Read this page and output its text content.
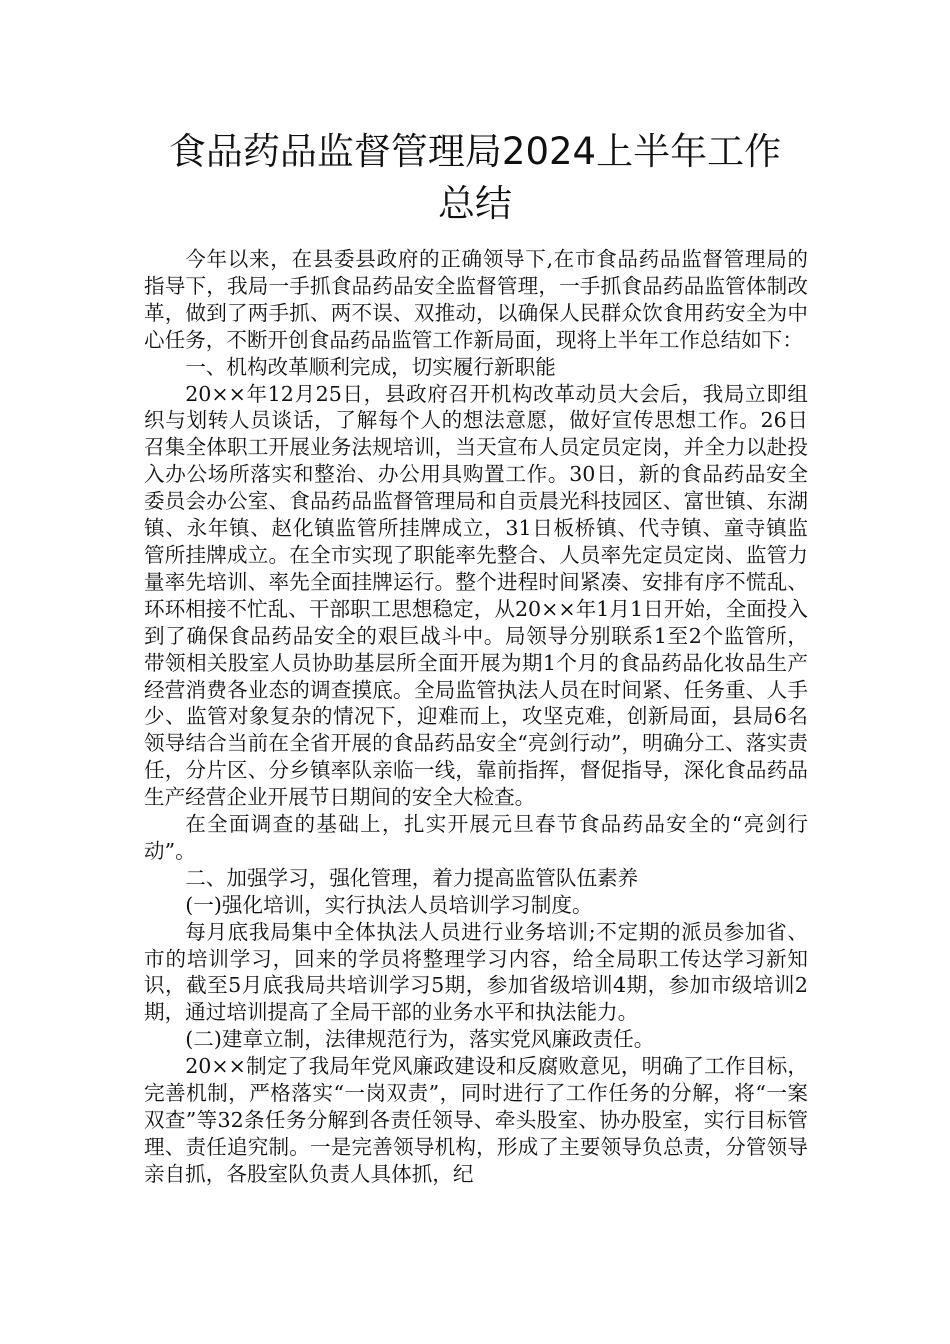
食品药品监督管理局2024上半年工作
总结

今年以来，在县委县政府的正确领导下,在市食品药品监督管理局的指导下，我局一手抓食品药品安全监督管理，一手抓食品药品监管体制改革，做到了两手抓、两不误、双推动，以确保人民群众饮食用药安全为中心任务，不断开创食品药品监管工作新局面，现将上半年工作总结如下：

一、机构改革顺利完成，切实履行新职能

20××年12月25日，县政府召开机构改革动员大会后，我局立即组织与划转人员谈话，了解每个人的想法意愿，做好宣传思想工作。26日召集全体职工开展业务法规培训，当天宣布人员定员定岗，并全力以赴投入办公场所落实和整治、办公用具购置工作。30日，新的食品药品安全委员会办公室、食品药品监督管理局和自贡晨光科技园区、富世镇、东湖镇、永年镇、赵化镇监管所挂牌成立，31日板桥镇、代寺镇、童寺镇监管所挂牌成立。在全市实现了职能率先整合、人员率先定员定岗、监管力量率先培训、率先全面挂牌运行。整个进程时间紧凑、安排有序不慌乱、环环相接不忙乱、干部职工思想稳定，从20××年1月1日开始，全面投入到了确保食品药品安全的艰巨战斗中。局领导分别联系1至2个监管所，带领相关股室人员协助基层所全面开展为期1个月的食品药品化妆品生产经营消费各业态的调查摸底。全局监管执法人员在时间紧、任务重、人手少、监管对象复杂的情况下，迎难而上，攻坚克难，创新局面，县局6名领导结合当前在全省开展的食品药品安全“亮剑行动”，明确分工、落实责任，分片区、分乡镇率队亲临一线，靠前指挥，督促指导，深化食品药品生产经营企业开展节日期间的安全大检查。

在全面调查的基础上，扎实开展元旦春节食品药品安全的“亮剑行动”。

二、加强学习，强化管理，着力提高监管队伍素养

(一)强化培训，实行执法人员培训学习制度。

每月底我局集中全体执法人员进行业务培训;不定期的派员参加省、市的培训学习，回来的学员将整理学习内容，给全局职工传达学习新知识，截至5月底我局共培训学习5期，参加省级培训4期，参加市级培训2期，通过培训提高了全局干部的业务水平和执法能力。

(二)建章立制，法律规范行为，落实党风廉政责任。

20××制定了我局年党风廉政建设和反腐败意见，明确了工作目标，完善机制，严格落实“一岗双责”，同时进行了工作任务的分解，将“一案双查”等32条任务分解到各责任领导、牵头股室、协办股室，实行目标管理、责任追究制。一是完善领导机构，形成了主要领导负总责，分管领导亲自抓，各股室队负责人具体抓，纪
